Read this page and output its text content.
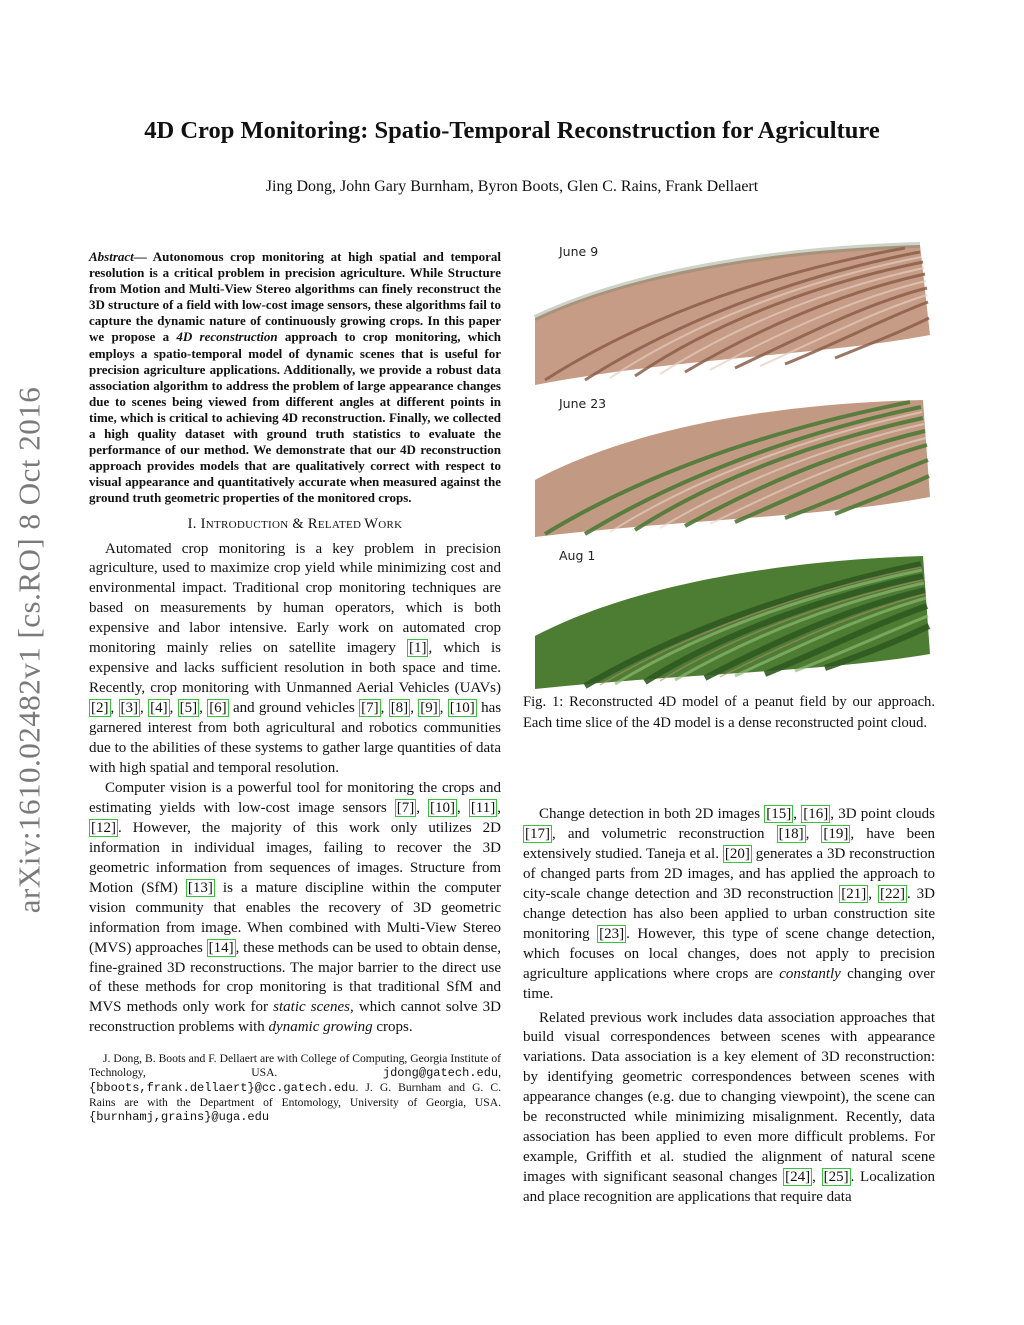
arXiv:1610.02482v1 [cs.RO] 8 Oct 2016
4D Crop Monitoring: Spatio-Temporal Reconstruction for Agriculture
Jing Dong, John Gary Burnham, Byron Boots, Glen C. Rains, Frank Dellaert

Abstract— Autonomous crop monitoring at high spatial and temporal resolution is a critical problem in precision agriculture. While Structure from Motion and Multi-View Stereo algorithms can finely reconstruct the 3D structure of a field with low-cost image sensors, these algorithms fail to capture the dynamic nature of continuously growing crops. In this paper we propose a 4D reconstruction approach to crop monitoring, which employs a spatio-temporal model of dynamic scenes that is useful for precision agriculture applications. Additionally, we provide a robust data association algorithm to address the problem of large appearance changes due to scenes being viewed from different angles at different points in time, which is critical to achieving 4D reconstruction. Finally, we collected a high quality dataset with ground truth statistics to evaluate the performance of our method. We demonstrate that our 4D reconstruction approach provides models that are qualitatively correct with respect to visual appearance and quantitatively accurate when measured against the ground truth geometric properties of the monitored crops.

I. INTRODUCTION & RELATED WORK

Automated crop monitoring is a key problem in precision agriculture, used to maximize crop yield while minimizing cost and environmental impact. Traditional crop monitoring techniques are based on measurements by human operators, which is both expensive and labor intensive. Early work on automated crop monitoring mainly relies on satellite imagery [1] , which is expensive and lacks sufficient resolution in both space and time. Recently, crop monitoring with Unmanned Aerial Vehicles (UAVs) [2] , [3] , [4] , [5] , [6] and ground vehicles [7] , [8] , [9] , [10] has garnered interest from both agricultural and robotics communities due to the abilities of these systems to gather large quantities of data with high spatial and temporal resolution.

Computer vision is a powerful tool for monitoring the crops and estimating yields with low-cost image sensors [7] , [10] , [11] , [12] . However, the majority of this work only utilizes 2D information in individual images, failing to recover the 3D geometric information from sequences of images. Structure from Motion (SfM) [13] is a mature discipline within the computer vision community that enables the recovery of 3D geometric information from image. When combined with Multi-View Stereo (MVS) approaches [14] , these methods can be used to obtain dense, fine-grained 3D reconstructions. The major barrier to the direct use of these methods for crop monitoring is that traditional SfM and MVS methods only work for static scenes, which cannot solve 3D reconstruction problems with dynamic growing crops.

J. Dong, B. Boots and F. Dellaert are with College of Computing, Georgia Institute of Technology, USA. jdong@gatech.edu, {bboots,frank.dellaert}@cc.gatech.edu. J. G. Burnham and G. C. Rains are with the Department of Entomology, University of Georgia, USA. {burnhamj,grains}@uga.edu
June 9
June 23
Aug 1

Fig. 1: Reconstructed 4D model of a peanut field by our approach. Each time slice of the 4D model is a dense reconstructed point cloud.

Change detection in both 2D images [15] , [16] , 3D point clouds [17] , and volumetric reconstruction [18] , [19] , have been extensively studied. Taneja et al. [20] generates a 3D reconstruction of changed parts from 2D images, and has applied the approach to city-scale change detection and 3D reconstruction [21] , [22] . 3D change detection has also been applied to urban construction site monitoring [23] . However, this type of scene change detection, which focuses on local changes, does not apply to precision agriculture applications where crops are constantly changing over time.

Related previous work includes data association approaches that build visual correspondences between scenes with appearance variations. Data association is a key element of 3D reconstruction: by identifying geometric correspondences between scenes with appearance changes (e.g. due to changing viewpoint), the scene can be reconstructed while minimizing misalignment. Recently, data association has been applied to even more difficult problems. For example, Griffith et al. studied the alignment of natural scene images with significant seasonal changes [24] , [25] . Localization and place recognition are applications that require data
